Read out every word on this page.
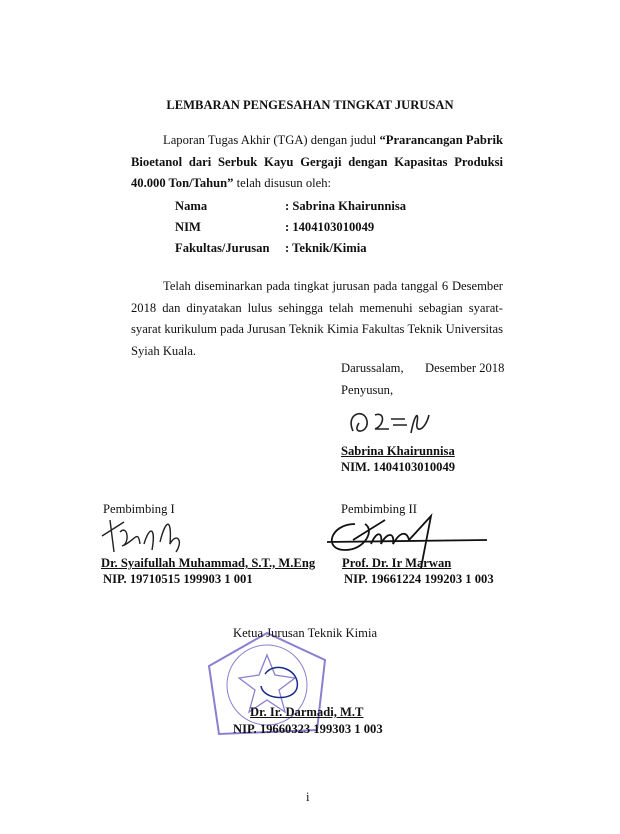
LEMBARAN PENGESAHAN TINGKAT JURUSAN
Laporan Tugas Akhir (TGA) dengan judul “Prarancangan Pabrik Bioetanol dari Serbuk Kayu Gergaji dengan Kapasitas Produksi 40.000 Ton/Tahun” telah disusun oleh:
Nama	: Sabrina Khairunnisa
NIM	: 1404103010049
Fakultas/Jurusan : Teknik/Kimia
Telah diseminarkan pada tingkat jurusan pada tanggal 6 Desember 2018 dan dinyatakan lulus sehingga telah memenuhi sebagian syarat-syarat kurikulum pada Jurusan Teknik Kimia Fakultas Teknik Universitas Syiah Kuala.
Darussalam, Desember 2018
Penyusun,
Sabrina Khairunnisa
NIM. 1404103010049
Pembimbing I
Dr. Syaifullah Muhammad, S.T., M.Eng
NIP. 19710515 199903 1 001
Pembimbing II
Prof. Dr. Ir Marwan
NIP. 19661224 199203 1 003
Ketua Jurusan Teknik Kimia
Dr. Ir. Darmadi, M.T
NIP. 19660323 199303 1 003
i
